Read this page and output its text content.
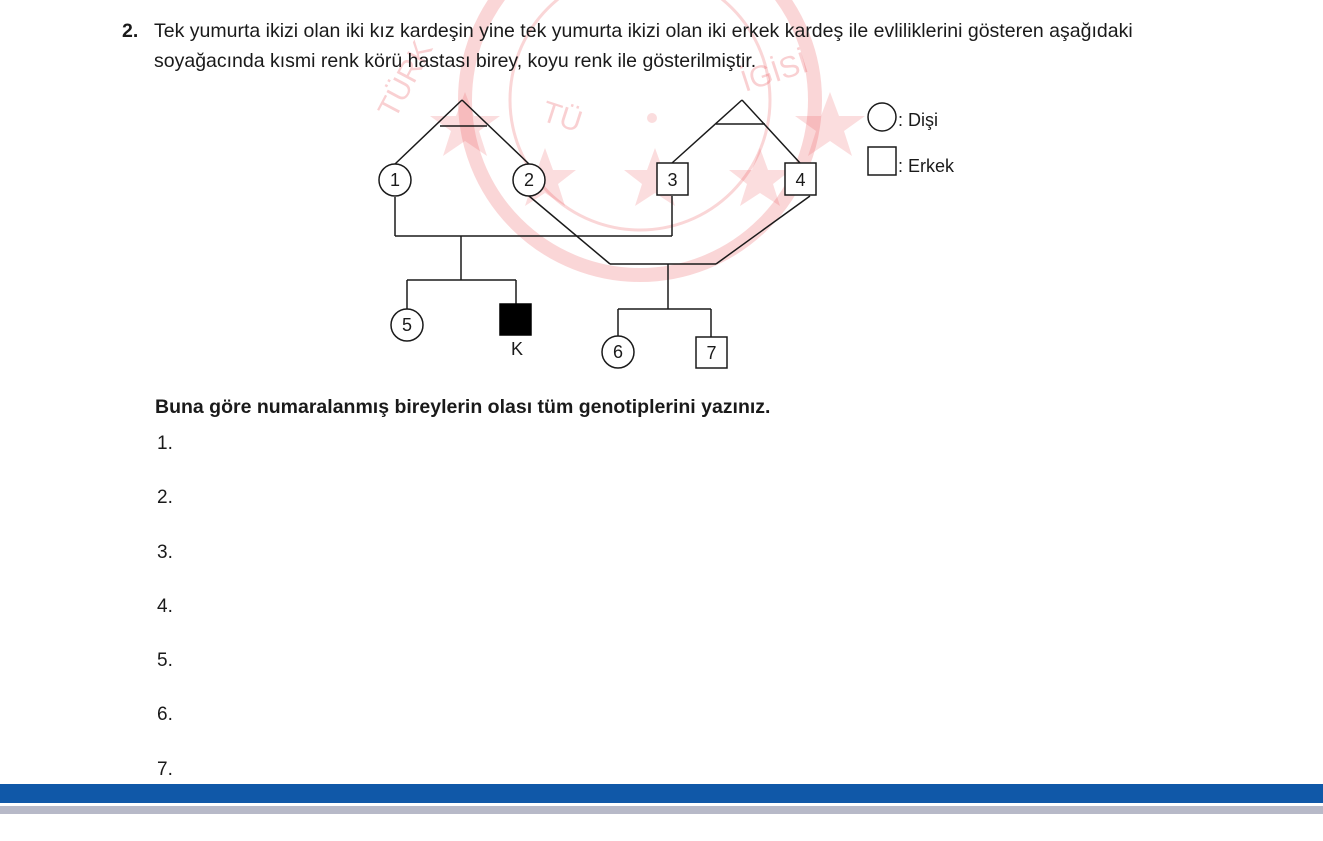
TÜRK	TÜ
İGİSİ
2. Tek yumurta ikizi olan iki kız kardeşin yine tek yumurta ikizi olan iki erkek kardeş ile evliliklerini gösteren aşağıdaki soyağacında kısmi renk körü hastası birey, koyu renk ile gösterilmiştir.
1	2	3	4
5
K	6	7
: Dişi
: Erkek
Buna göre numaralanmış bireylerin olası tüm genotiplerini yazınız.
1.
2.
3.
4.
5.
6.
7.
